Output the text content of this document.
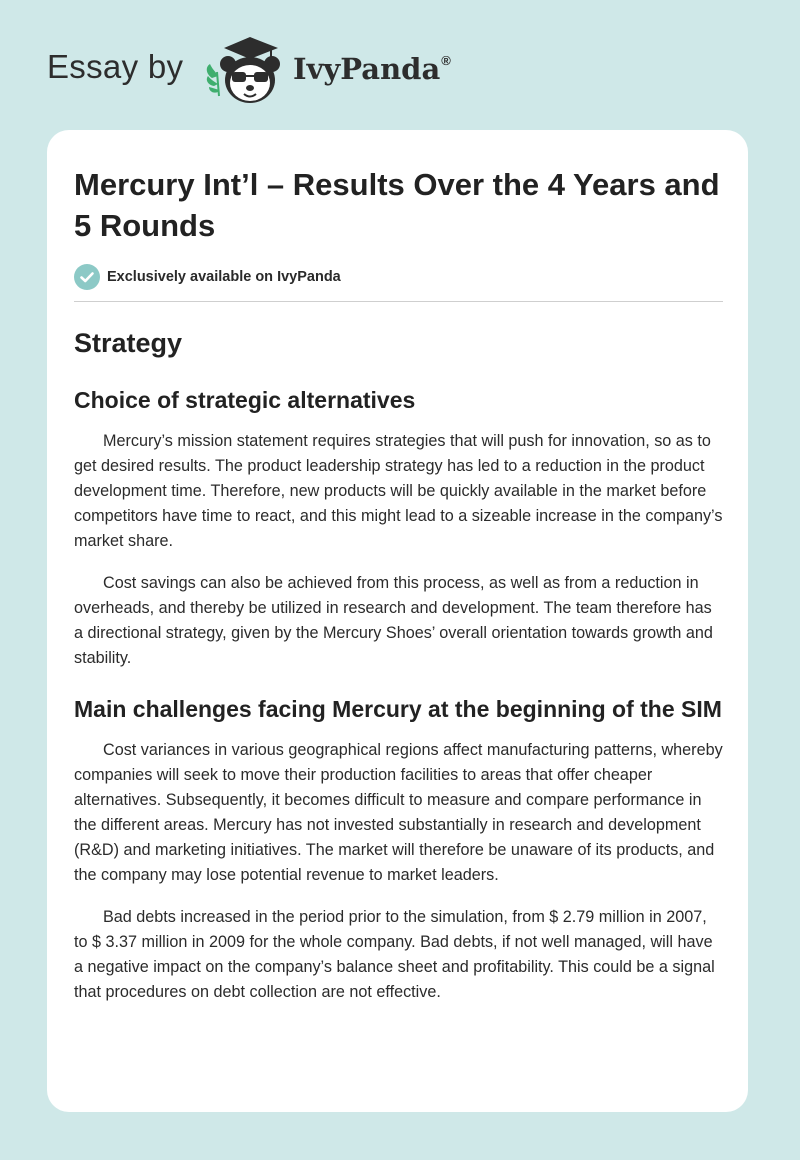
Essay by	IvyPanda®
Mercury Int’l – Results Over the 4 Years and 5 Rounds
Exclusively available on IvyPanda
Strategy
Choice of strategic alternatives

Mercury’s mission statement requires strategies that will push for innovation, so as to get desired results. The product leadership strategy has led to a reduction in the product development time. Therefore, new products will be quickly available in the market before competitors have time to react, and this might lead to a sizeable increase in the company’s market share.

Cost savings can also be achieved from this process, as well as from a reduction in overheads, and thereby be utilized in research and development. The team therefore has a directional strategy, given by the Mercury Shoes’ overall orientation towards growth and stability.

Main challenges facing Mercury at the beginning of the SIM

Cost variances in various geographical regions affect manufacturing patterns, whereby companies will seek to move their production facilities to areas that offer cheaper alternatives. Subsequently, it becomes difficult to measure and compare performance in the different areas. Mercury has not invested substantially in research and development (R&D) and marketing initiatives. The market will therefore be unaware of its products, and the company may lose potential revenue to market leaders.

Bad debts increased in the period prior to the simulation, from $ 2.79 million in 2007, to $ 3.37 million in 2009 for the whole company. Bad debts, if not well managed, will have a negative impact on the company’s balance sheet and profitability. This could be a signal that procedures on debt collection are not effective.
